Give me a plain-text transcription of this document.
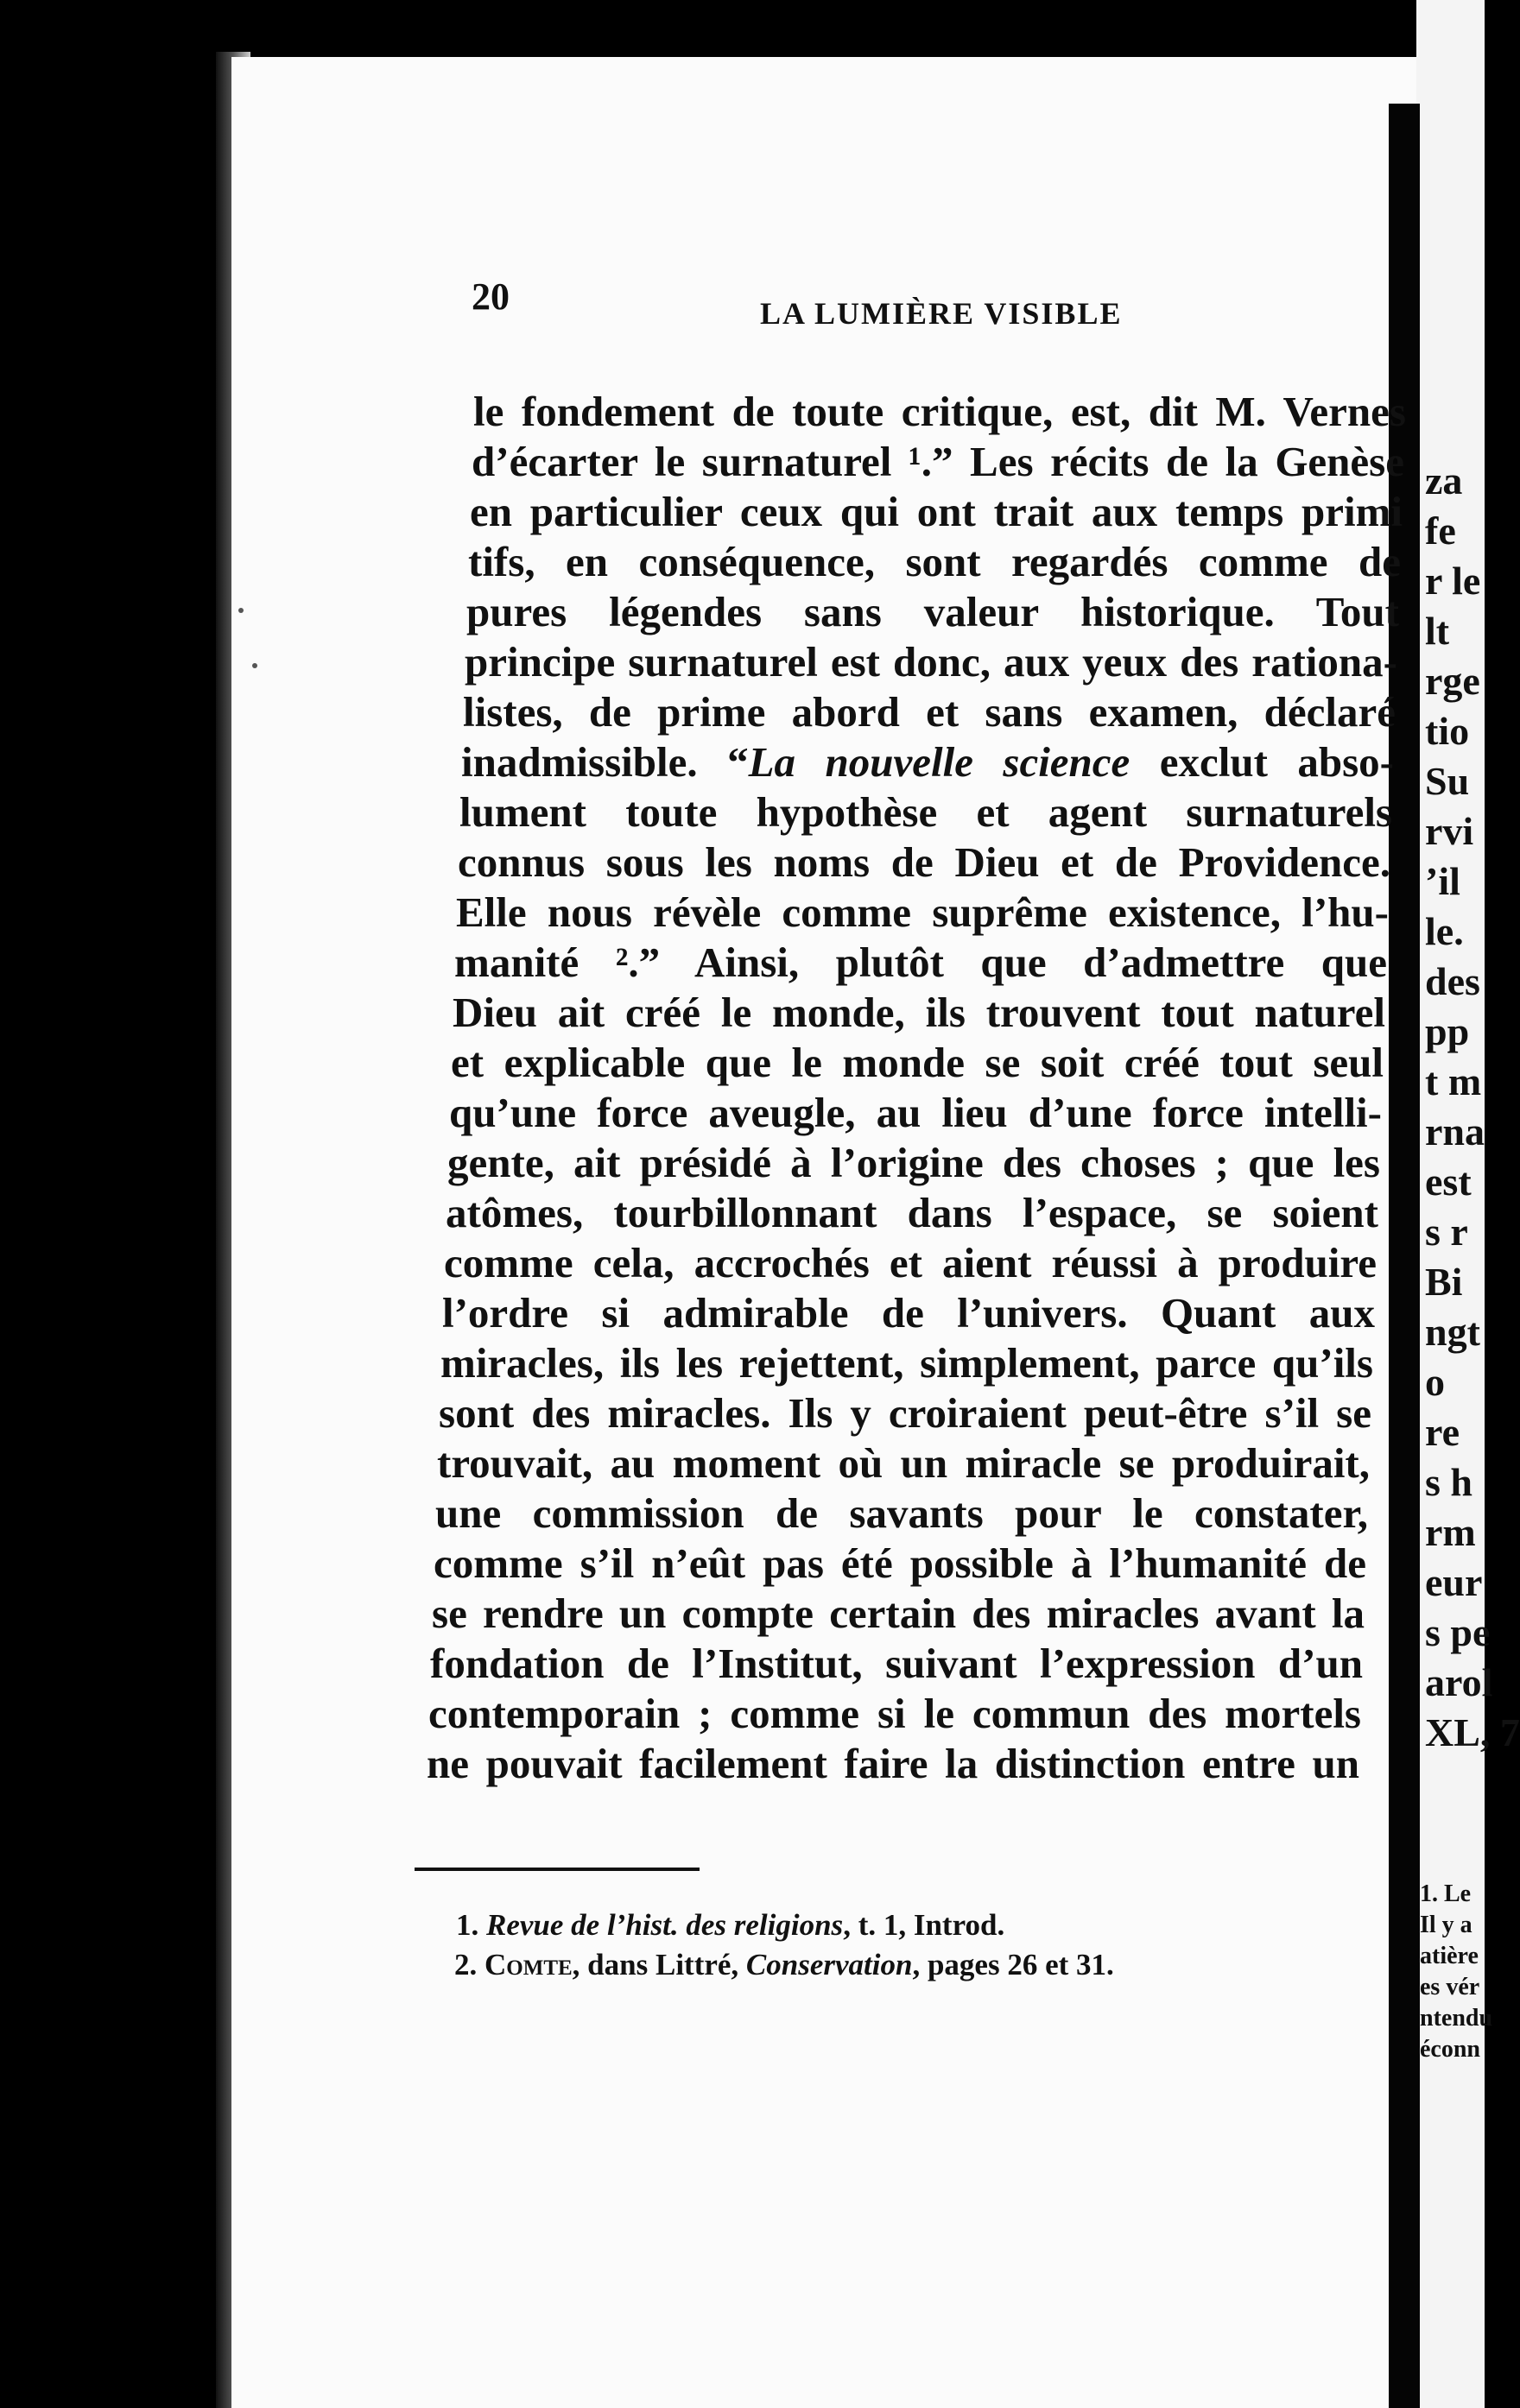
20	LA LUMIÈRE VISIBLE
le fondement de toute critique, est, dit M. Vernes
d’écarter le surnaturel ¹.” Les récits de la Genèse
en particulier ceux qui ont trait aux temps primi
tifs, en conséquence, sont regardés comme de
pures légendes sans valeur historique. Tout
principe surnaturel est donc, aux yeux des rationa-
listes, de prime abord et sans examen, déclaré
inadmissible. “La nouvelle science exclut abso-
lument toute hypothèse et agent surnaturels
connus sous les noms de Dieu et de Providence.
Elle nous révèle comme suprême existence, l’hu-
manité ².” Ainsi, plutôt que d’admettre que
Dieu ait créé le monde, ils trouvent tout naturel
et explicable que le monde se soit créé tout seul
qu’une force aveugle, au lieu d’une force intelli-
gente, ait présidé à l’origine des choses ; que les
atômes, tourbillonnant dans l’espace, se soient
comme cela, accrochés et aient réussi à produire
l’ordre si admirable de l’univers. Quant aux
miracles, ils les rejettent, simplement, parce qu’ils
sont des miracles. Ils y croiraient peut-être s’il se
trouvait, au moment où un miracle se produirait,
une commission de savants pour le constater,
comme s’il n’eût pas été possible à l’humanité de
se rendre un compte certain des miracles avant la
fondation de l’Institut, suivant l’expression d’un
contemporain ; comme si le commun des mortels
ne pouvait facilement faire la distinction entre un
1. Revue de l’hist. des religions, t. 1, Introd.
2. Comte, dans Littré, Conservation, pages 26 et 31.
za
fe
r le
lt
rge
tio
Su
rvi
’il
le.
des
pp
t m
rna
est
s r
Bi
ngt
o
re
s h
rm
eur
s pe
arol
XL, 7
1. Le
Il y a
atière
es vér
ntendu
éconn
